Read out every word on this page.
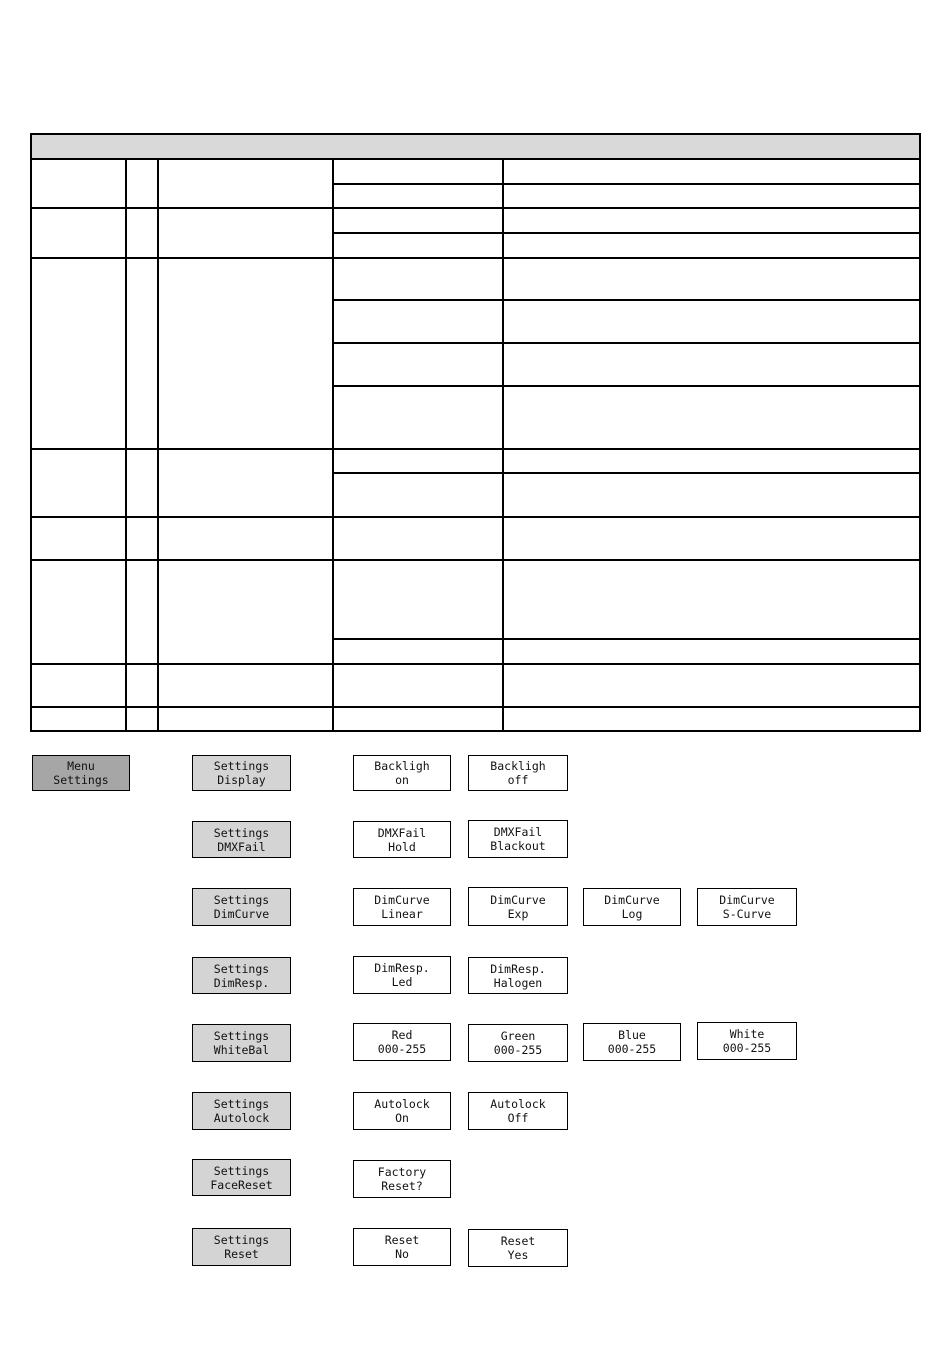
Menu
Settings
Settings
Display
Backligh
on
Backligh
off
Settings
DMXFail
DMXFail
Hold
DMXFail
Blackout
Settings
DimCurve
DimCurve
Linear
DimCurve
Exp
DimCurve
Log
DimCurve
S-Curve
Settings
DimResp.
DimResp.
Led
DimResp.
Halogen
Settings
WhiteBal
Red
000-255
Green
000-255
Blue
000-255
White
000-255
Settings
Autolock
Autolock
On
Autolock
Off
Settings
FaceReset
Factory
Reset?
Settings
Reset
Reset
No
Reset
Yes
